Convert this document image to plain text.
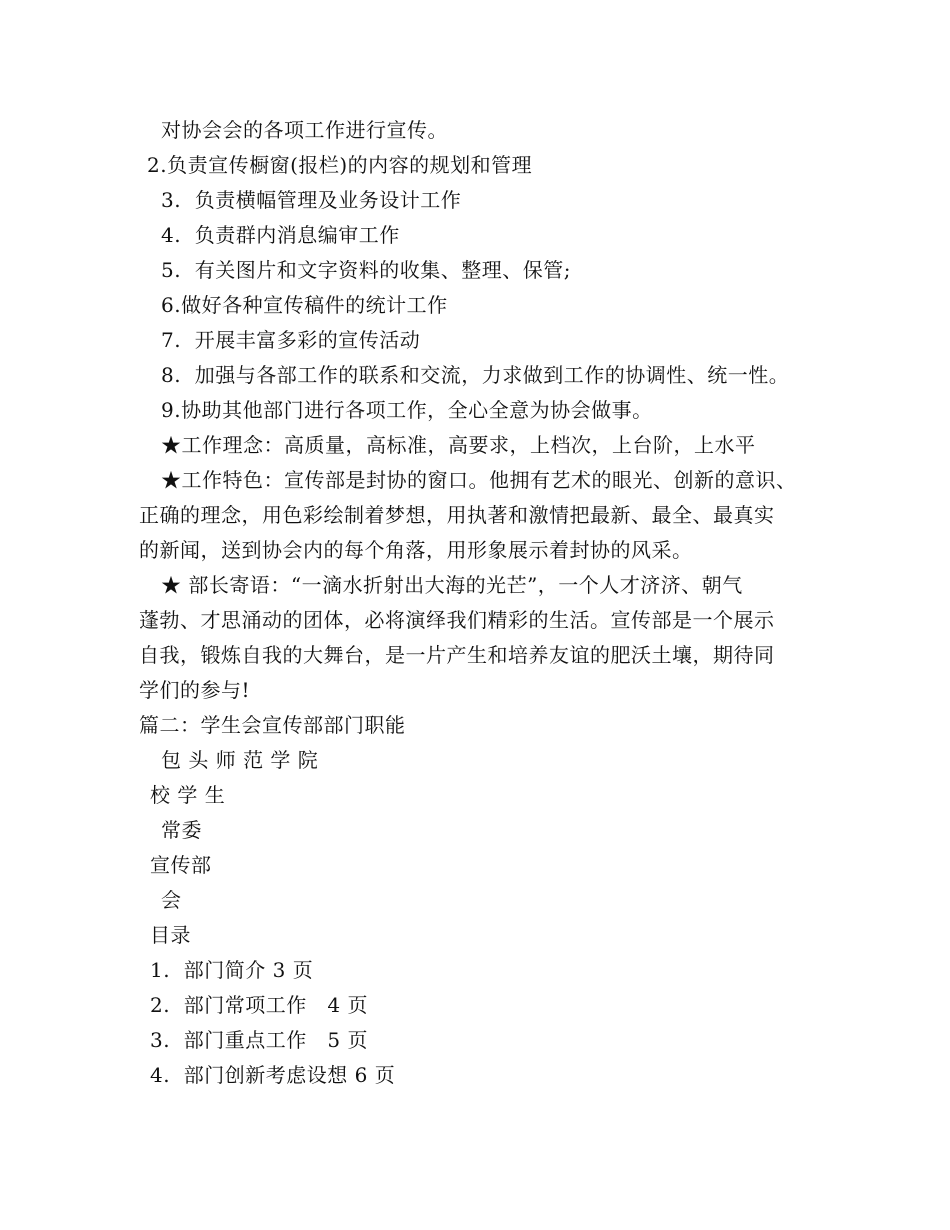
对协会会的各项工作进行宣传。
2.负责宣传橱窗(报栏)的内容的规划和管理
3.  负责横幅管理及业务设计工作
4.  负责群内消息编审工作
5.  有关图片和文字资料的收集、整理、保管;
6.做好各种宣传稿件的统计工作
7.  开展丰富多彩的宣传活动
8.  加强与各部工作的联系和交流，力求做到工作的协调性、统一性。
9.协助其他部门进行各项工作，全心全意为协会做事。
★工作理念：高质量，高标准，高要求，上档次，上台阶，上水平
★工作特色：宣传部是封协的窗口。他拥有艺术的眼光、创新的意识、
正确的理念，用色彩绘制着梦想，用执著和激情把最新、最全、最真实
的新闻，送到协会内的每个角落，用形象展示着封协的风采。
★ 部长寄语：“一滴水折射出大海的光芒”，一个人才济济、朝气
蓬勃、才思涌动的团体，必将演绎我们精彩的生活。宣传部是一个展示
自我，锻炼自我的大舞台，是一片产生和培养友谊的肥沃土壤，期待同
学们的参与!
篇二：学生会宣传部部门职能
包 头 师 范 学 院
校 学 生
常委
宣传部
会
目录
1.  部门简介 3 页
2.  部门常项工作   4 页
3.  部门重点工作   5 页
4.  部门创新考虑设想 6 页
